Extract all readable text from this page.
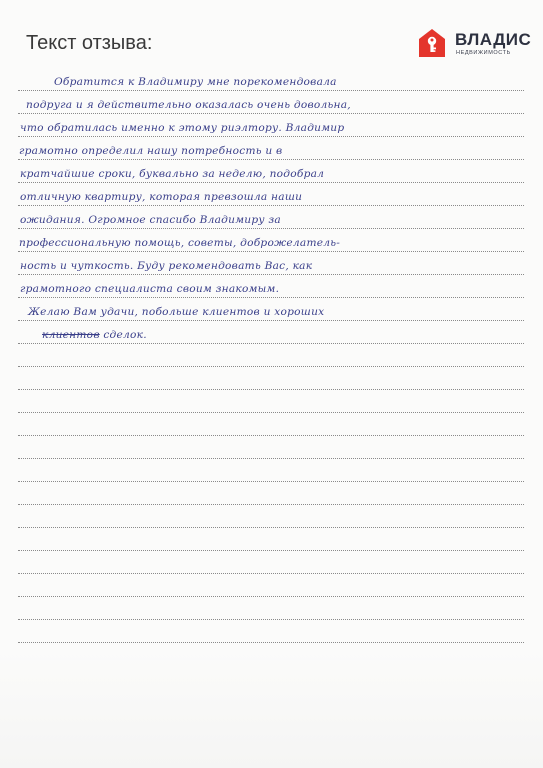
Текст отзыва:	ВЛАДИС
НЕДВИЖИМОСТЬ
Обратится к Владимиру мне порекомендовала
подруга и я действительно оказалась очень довольна,
что обратилась именно к этому риэлтору. Владимир
грамотно определил нашу потребность и в
кратчайшие сроки, буквально за неделю, подобрал
отличную квартиру, которая превзошла наши
ожидания. Огромное спасибо Владимиру за
профессиональную помощь, советы, доброжелатель-
ность и чуткость. Буду рекомендовать Вас, как
грамотного специалиста своим знакомым.
Желаю Вам удачи, побольше клиентов и хороших
клиентов сделок.
